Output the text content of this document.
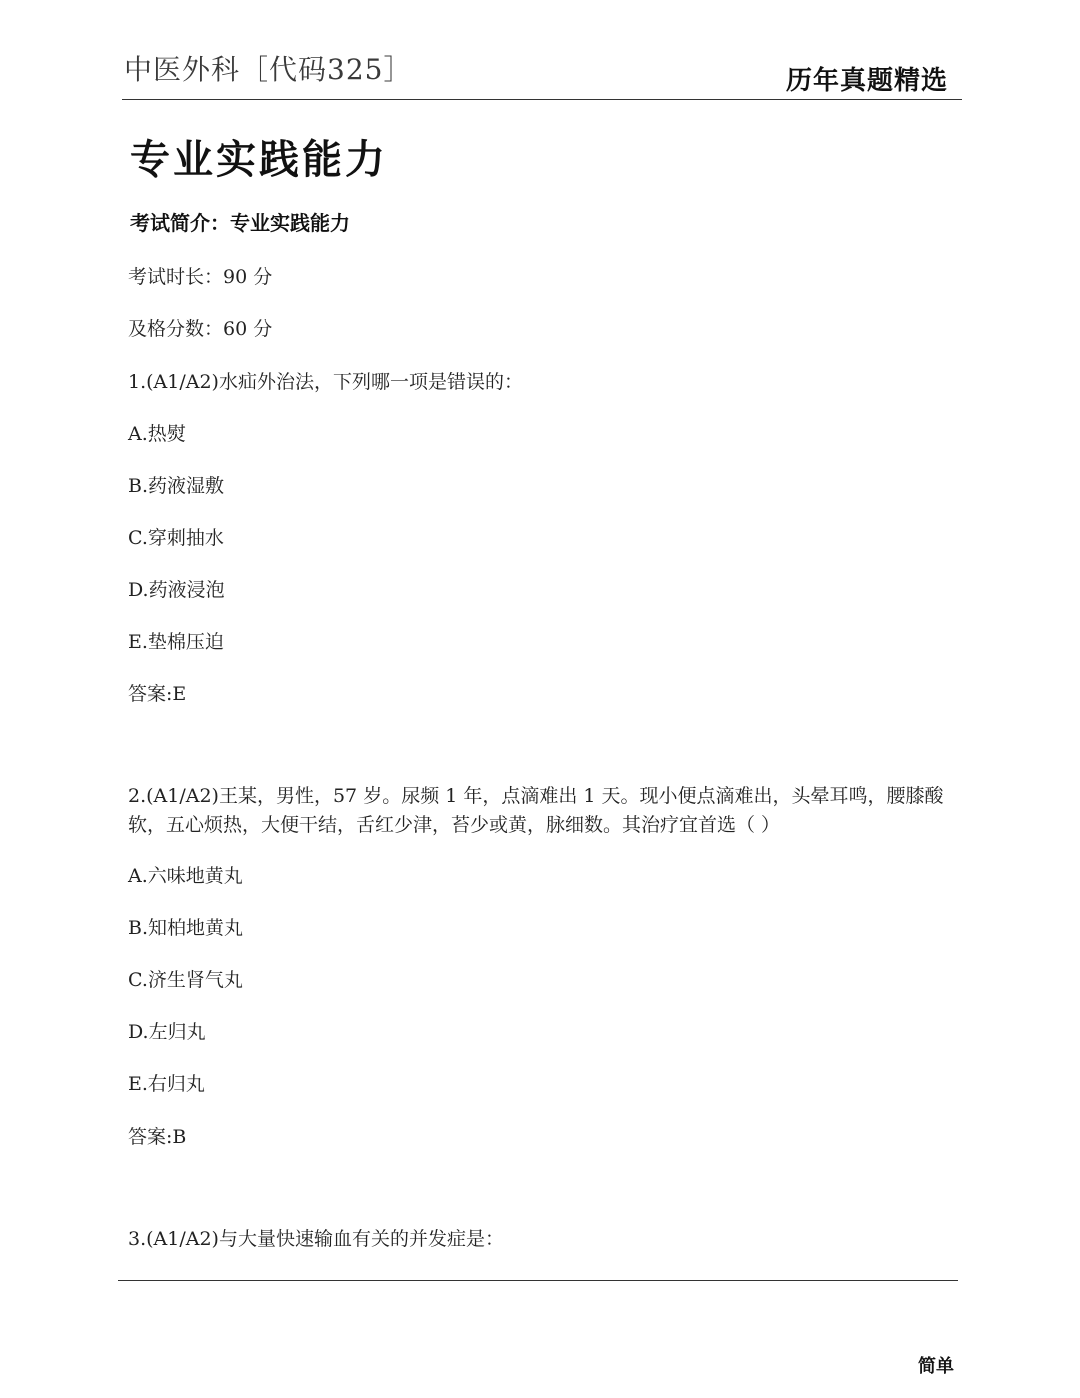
中医外科［代码325］	历年真题精选
专业实践能力
考试简介：专业实践能力
考试时长：90 分
及格分数：60 分
1.(A1/A2)水疝外治法，下列哪一项是错误的：
A.热熨
B.药液湿敷
C.穿刺抽水
D.药液浸泡
E.垫棉压迫
答案:E
2.(A1/A2)王某，男性，57 岁。尿频 1 年，点滴难出 1 天。现小便点滴难出，头晕耳鸣，腰膝酸软，五心烦热，大便干结，舌红少津，苔少或黄，脉细数。其治疗宜首选（ ）
A.六味地黄丸
B.知柏地黄丸
C.济生肾气丸
D.左归丸
E.右归丸
答案:B
3.(A1/A2)与大量快速输血有关的并发症是：
简单
